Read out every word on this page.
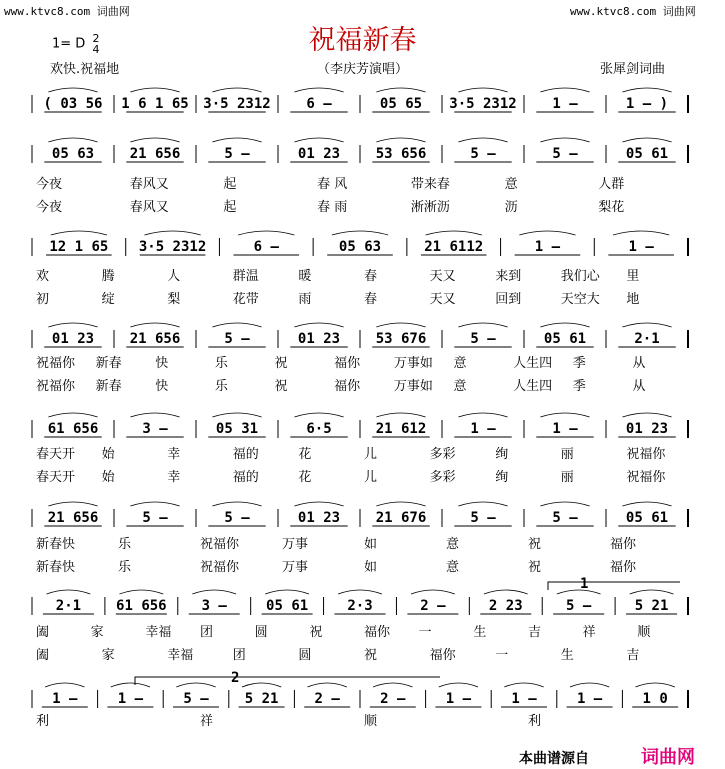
www.ktvc8.com 词曲网	www.ktvc8.com 词曲网
祝福新春
1= D 2
4
欢快.祝福地	（李庆芳演唱）	张犀剑词曲
( 03 56 1 6 1 65 3·5 2312	6 –	05 65 3·5 2312	1 –	1 – )
05 63	21 656	5 –	01 23	53 656	5 –	5 –	05 61
12 1 65 3·5 2312	6 –	05 63	21 6112	1 –	1 –
01 23	21 656	5 –	01 23	53 676	5 –	05 61	2·1
61 656	3 –	05 31	6·5	21 612	1 –	1 –	01 23
21 656	5 –	5 –	01 23	21 676	5 –	5 –	05 61
2·1 61 656 3 –	05 61	2·3	2 –	2 23	5 –	5 21
1 –	1 –	5 –	5 21	2 –	2 –	1 –	1 –	1 –	1 0
1
2
今夜	春风又	起	春 风	带来春	意	人群
今夜	春风又	起	春 雨	淅淅沥	沥	梨花
欢	腾	人	群温	暖	春	天又	来到	我们心 里
初	绽	梨	花带	雨	春	天又	回到	天空大 地
祝福你 新春	快	乐	祝	福你	万事如 意	人生四 季	从
祝福你 新春	快	乐	祝	福你	万事如 意	人生四 季	从
春天开 始	幸	福的	花	儿	多彩	绚	丽	祝福你
春天开 始	幸	福的	花	儿	多彩	绚	丽	祝福你
新春快	乐	祝福你	万事	如	意	祝	福你
新春快	乐	祝福你	万事	如	意	祝	福你
阖	家	幸福 团	圆	祝	福你 一	生	吉	祥	顺
阖	家	幸福	团	圆	祝	福你	一	生	吉
利	祥	顺	利
本曲谱源自	词曲网
